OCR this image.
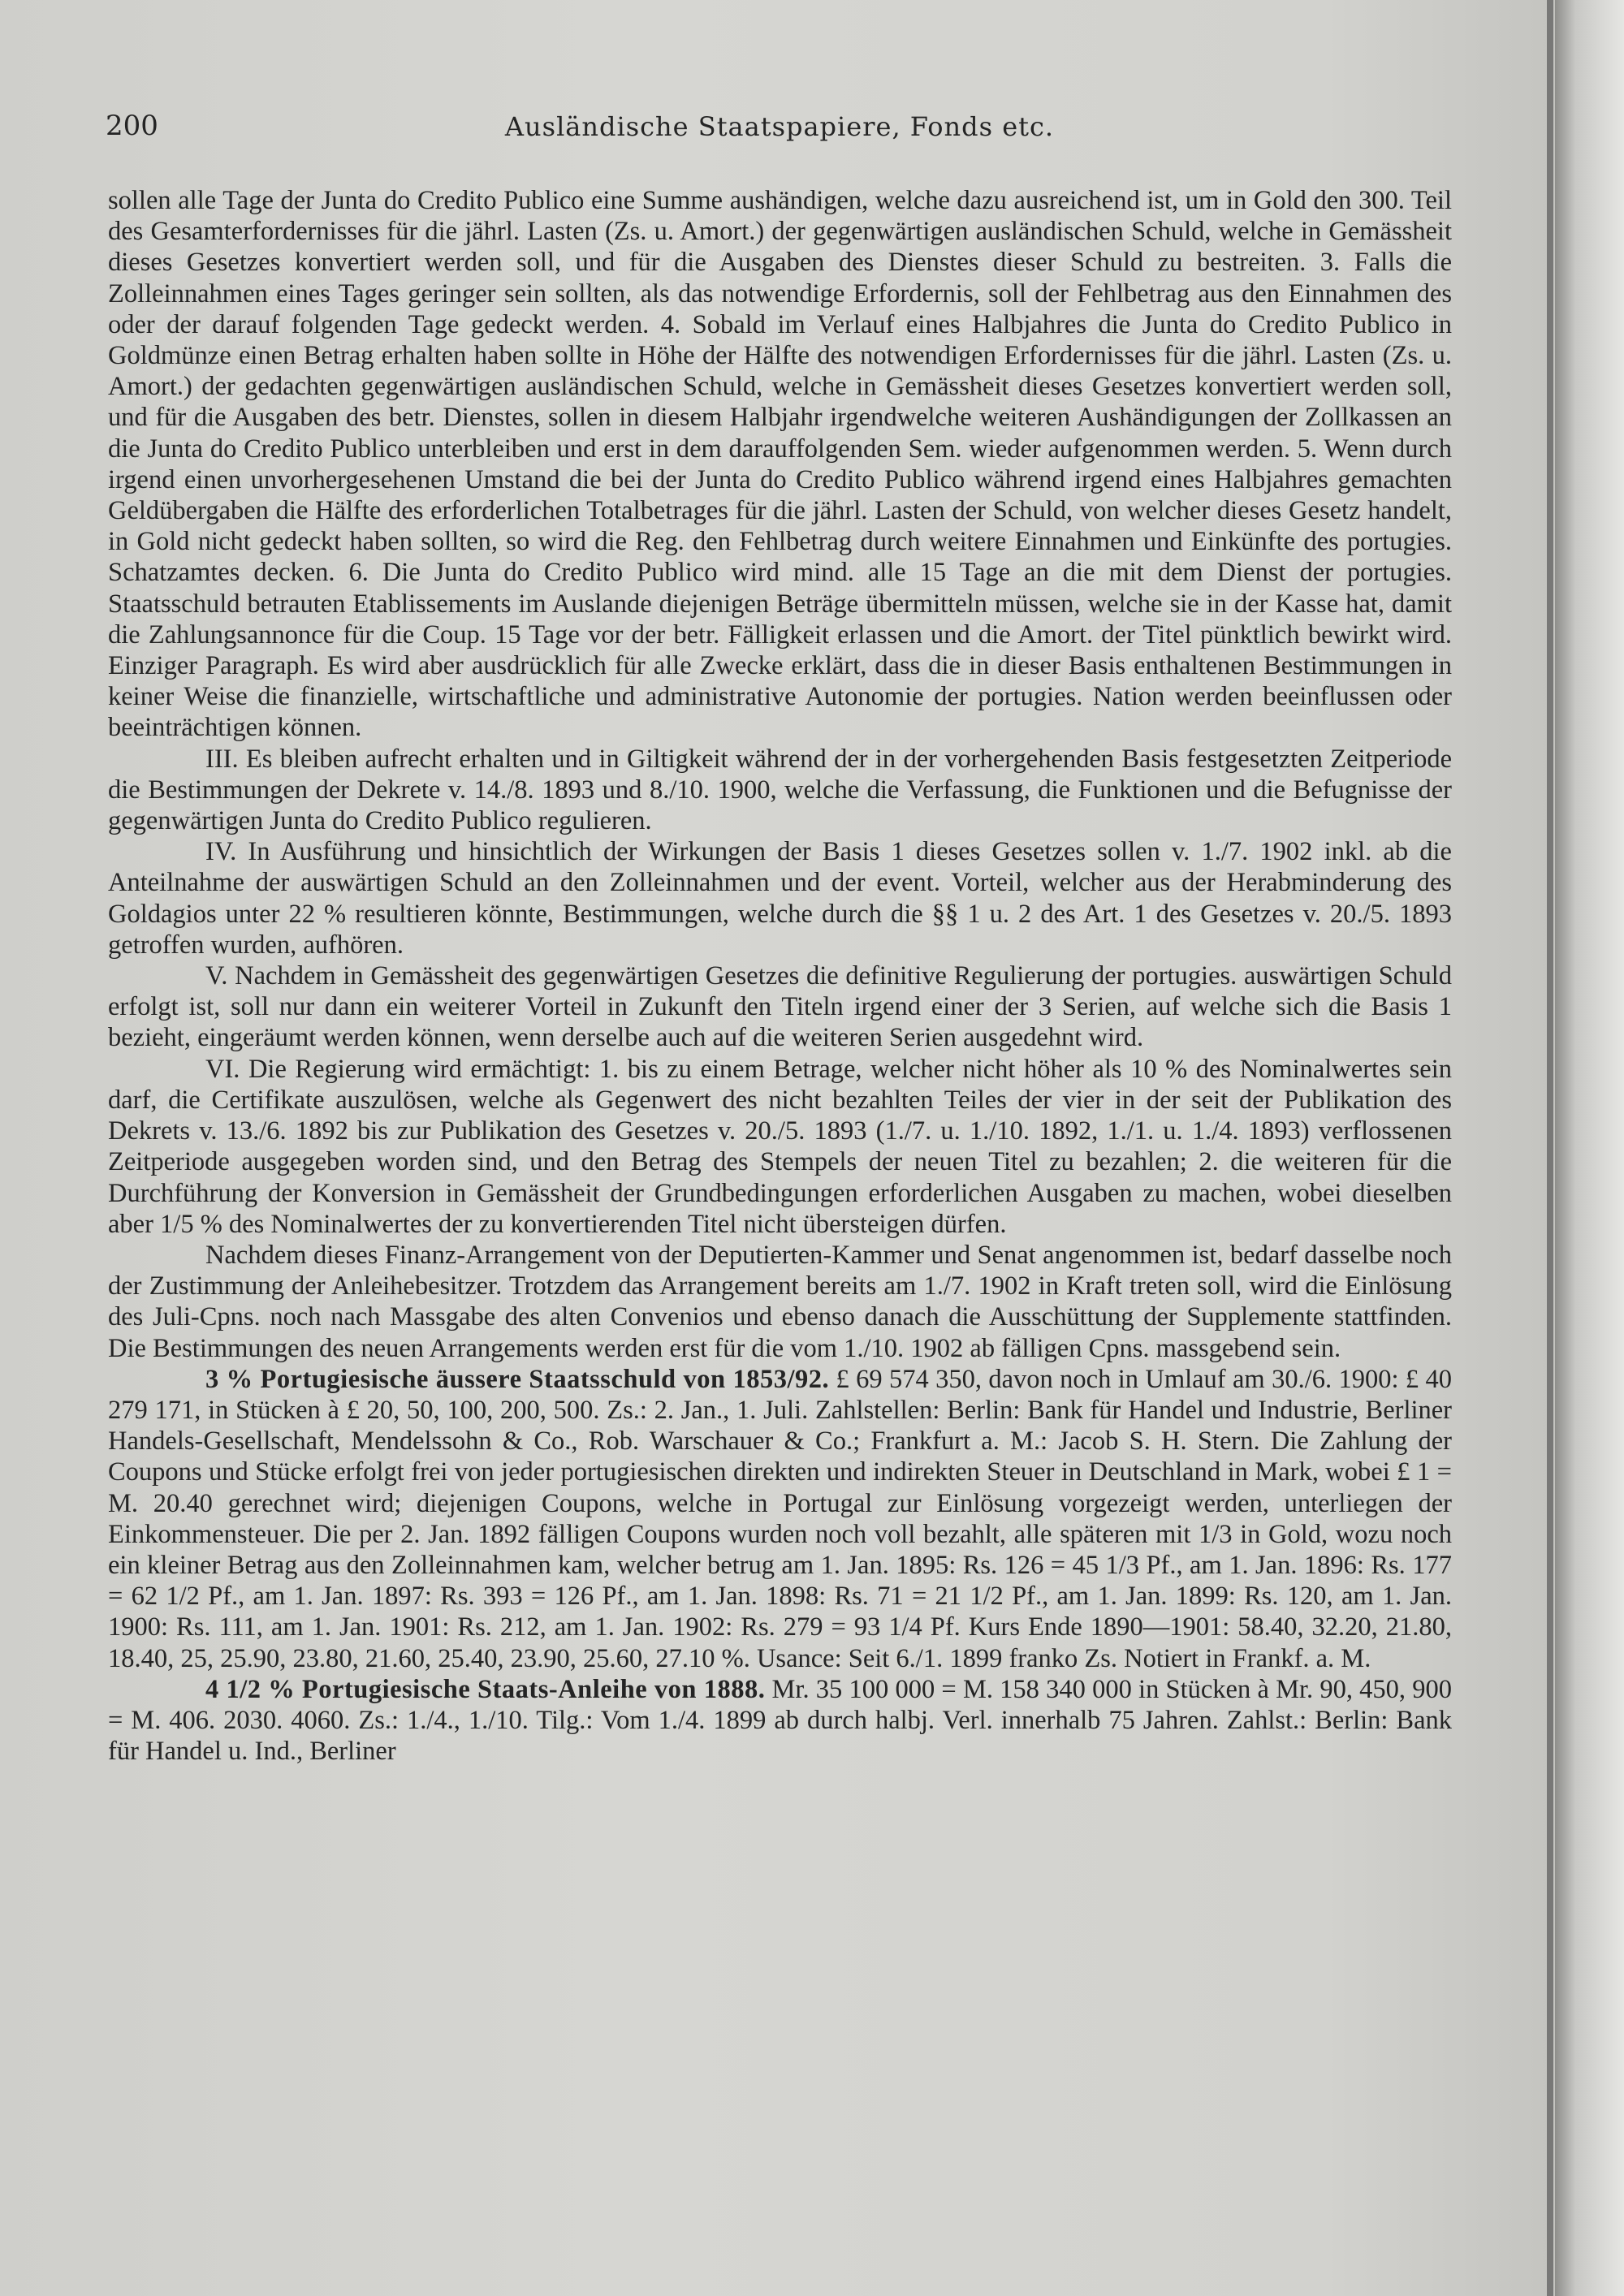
200	Ausländische Staatspapiere, Fonds etc.

sollen alle Tage der Junta do Credito Publico eine Summe aushändigen, welche dazu ausreichend ist, um in Gold den 300. Teil des Gesamterfordernisses für die jährl. Lasten (Zs. u. Amort.) der gegenwärtigen ausländischen Schuld, welche in Gemässheit dieses Gesetzes konvertiert werden soll, und für die Ausgaben des Dienstes dieser Schuld zu bestreiten. 3. Falls die Zolleinnahmen eines Tages geringer sein sollten, als das notwendige Erfordernis, soll der Fehlbetrag aus den Einnahmen des oder der darauf folgenden Tage gedeckt werden. 4. Sobald im Verlauf eines Halbjahres die Junta do Credito Publico in Goldmünze einen Betrag erhalten haben sollte in Höhe der Hälfte des notwendigen Erfordernisses für die jährl. Lasten (Zs. u. Amort.) der gedachten gegenwärtigen ausländischen Schuld, welche in Gemässheit dieses Gesetzes konvertiert werden soll, und für die Ausgaben des betr. Dienstes, sollen in diesem Halbjahr irgendwelche weiteren Aushändigungen der Zollkassen an die Junta do Credito Publico unterbleiben und erst in dem darauffolgenden Sem. wieder aufgenommen werden. 5. Wenn durch irgend einen unvorhergesehenen Umstand die bei der Junta do Credito Publico während irgend eines Halbjahres gemachten Geldübergaben die Hälfte des erforderlichen Totalbetrages für die jährl. Lasten der Schuld, von welcher dieses Gesetz handelt, in Gold nicht gedeckt haben sollten, so wird die Reg. den Fehlbetrag durch weitere Einnahmen und Einkünfte des portugies. Schatzamtes decken. 6. Die Junta do Credito Publico wird mind. alle 15 Tage an die mit dem Dienst der portugies. Staatsschuld betrauten Etablissements im Auslande diejenigen Beträge übermitteln müssen, welche sie in der Kasse hat, damit die Zahlungsannonce für die Coup. 15 Tage vor der betr. Fälligkeit erlassen und die Amort. der Titel pünktlich bewirkt wird. Einziger Paragraph. Es wird aber ausdrücklich für alle Zwecke erklärt, dass die in dieser Basis enthaltenen Bestimmungen in keiner Weise die finanzielle, wirtschaftliche und administrative Autonomie der portugies. Nation werden beeinflussen oder beeinträchtigen können.

III. Es bleiben aufrecht erhalten und in Giltigkeit während der in der vorhergehenden Basis festgesetzten Zeitperiode die Bestimmungen der Dekrete v. 14./8. 1893 und 8./10. 1900, welche die Verfassung, die Funktionen und die Befugnisse der gegenwärtigen Junta do Credito Publico regulieren.

IV. In Ausführung und hinsichtlich der Wirkungen der Basis 1 dieses Gesetzes sollen v. 1./7. 1902 inkl. ab die Anteilnahme der auswärtigen Schuld an den Zolleinnahmen und der event. Vorteil, welcher aus der Herabminderung des Goldagios unter 22 % resultieren könnte, Bestimmungen, welche durch die §§ 1 u. 2 des Art. 1 des Gesetzes v. 20./5. 1893 getroffen wurden, aufhören.

V. Nachdem in Gemässheit des gegenwärtigen Gesetzes die definitive Regulierung der portugies. auswärtigen Schuld erfolgt ist, soll nur dann ein weiterer Vorteil in Zukunft den Titeln irgend einer der 3 Serien, auf welche sich die Basis 1 bezieht, eingeräumt werden können, wenn derselbe auch auf die weiteren Serien ausgedehnt wird.

VI. Die Regierung wird ermächtigt: 1. bis zu einem Betrage, welcher nicht höher als 10 % des Nominalwertes sein darf, die Certifikate auszulösen, welche als Gegenwert des nicht bezahlten Teiles der vier in der seit der Publikation des Dekrets v. 13./6. 1892 bis zur Publikation des Gesetzes v. 20./5. 1893 (1./7. u. 1./10. 1892, 1./1. u. 1./4. 1893) verflossenen Zeitperiode ausgegeben worden sind, und den Betrag des Stempels der neuen Titel zu bezahlen; 2. die weiteren für die Durchführung der Konversion in Gemässheit der Grundbedingungen erforderlichen Ausgaben zu machen, wobei dieselben aber 1/5 % des Nominalwertes der zu konvertierenden Titel nicht übersteigen dürfen.

Nachdem dieses Finanz-Arrangement von der Deputierten-Kammer und Senat angenommen ist, bedarf dasselbe noch der Zustimmung der Anleihebesitzer. Trotzdem das Arrangement bereits am 1./7. 1902 in Kraft treten soll, wird die Einlösung des Juli-Cpns. noch nach Massgabe des alten Convenios und ebenso danach die Ausschüttung der Supplemente stattfinden. Die Bestimmungen des neuen Arrangements werden erst für die vom 1./10. 1902 ab fälligen Cpns. massgebend sein.

3 % Portugiesische äussere Staatsschuld von 1853/92. £ 69 574 350, davon noch in Umlauf am 30./6. 1900: £ 40 279 171, in Stücken à £ 20, 50, 100, 200, 500. Zs.: 2. Jan., 1. Juli. Zahlstellen: Berlin: Bank für Handel und Industrie, Berliner Handels-Gesellschaft, Mendelssohn & Co., Rob. Warschauer & Co.; Frankfurt a. M.: Jacob S. H. Stern. Die Zahlung der Coupons und Stücke erfolgt frei von jeder portugiesischen direkten und indirekten Steuer in Deutschland in Mark, wobei £ 1 = M. 20.40 gerechnet wird; diejenigen Coupons, welche in Portugal zur Einlösung vorgezeigt werden, unterliegen der Einkommensteuer. Die per 2. Jan. 1892 fälligen Coupons wurden noch voll bezahlt, alle späteren mit 1/3 in Gold, wozu noch ein kleiner Betrag aus den Zolleinnahmen kam, welcher betrug am 1. Jan. 1895: Rs. 126 = 45 1/3 Pf., am 1. Jan. 1896: Rs. 177 = 62 1/2 Pf., am 1. Jan. 1897: Rs. 393 = 126 Pf., am 1. Jan. 1898: Rs. 71 = 21 1/2 Pf., am 1. Jan. 1899: Rs. 120, am 1. Jan. 1900: Rs. 111, am 1. Jan. 1901: Rs. 212, am 1. Jan. 1902: Rs. 279 = 93 1/4 Pf. Kurs Ende 1890—1901: 58.40, 32.20, 21.80, 18.40, 25, 25.90, 23.80, 21.60, 25.40, 23.90, 25.60, 27.10 %. Usance: Seit 6./1. 1899 franko Zs. Notiert in Frankf. a. M.

4 1/2 % Portugiesische Staats-Anleihe von 1888. Mr. 35 100 000 = M. 158 340 000 in Stücken à Mr. 90, 450, 900 = M. 406. 2030. 4060. Zs.: 1./4., 1./10. Tilg.: Vom 1./4. 1899 ab durch halbj. Verl. innerhalb 75 Jahren. Zahlst.: Berlin: Bank für Handel u. Ind., Berliner
